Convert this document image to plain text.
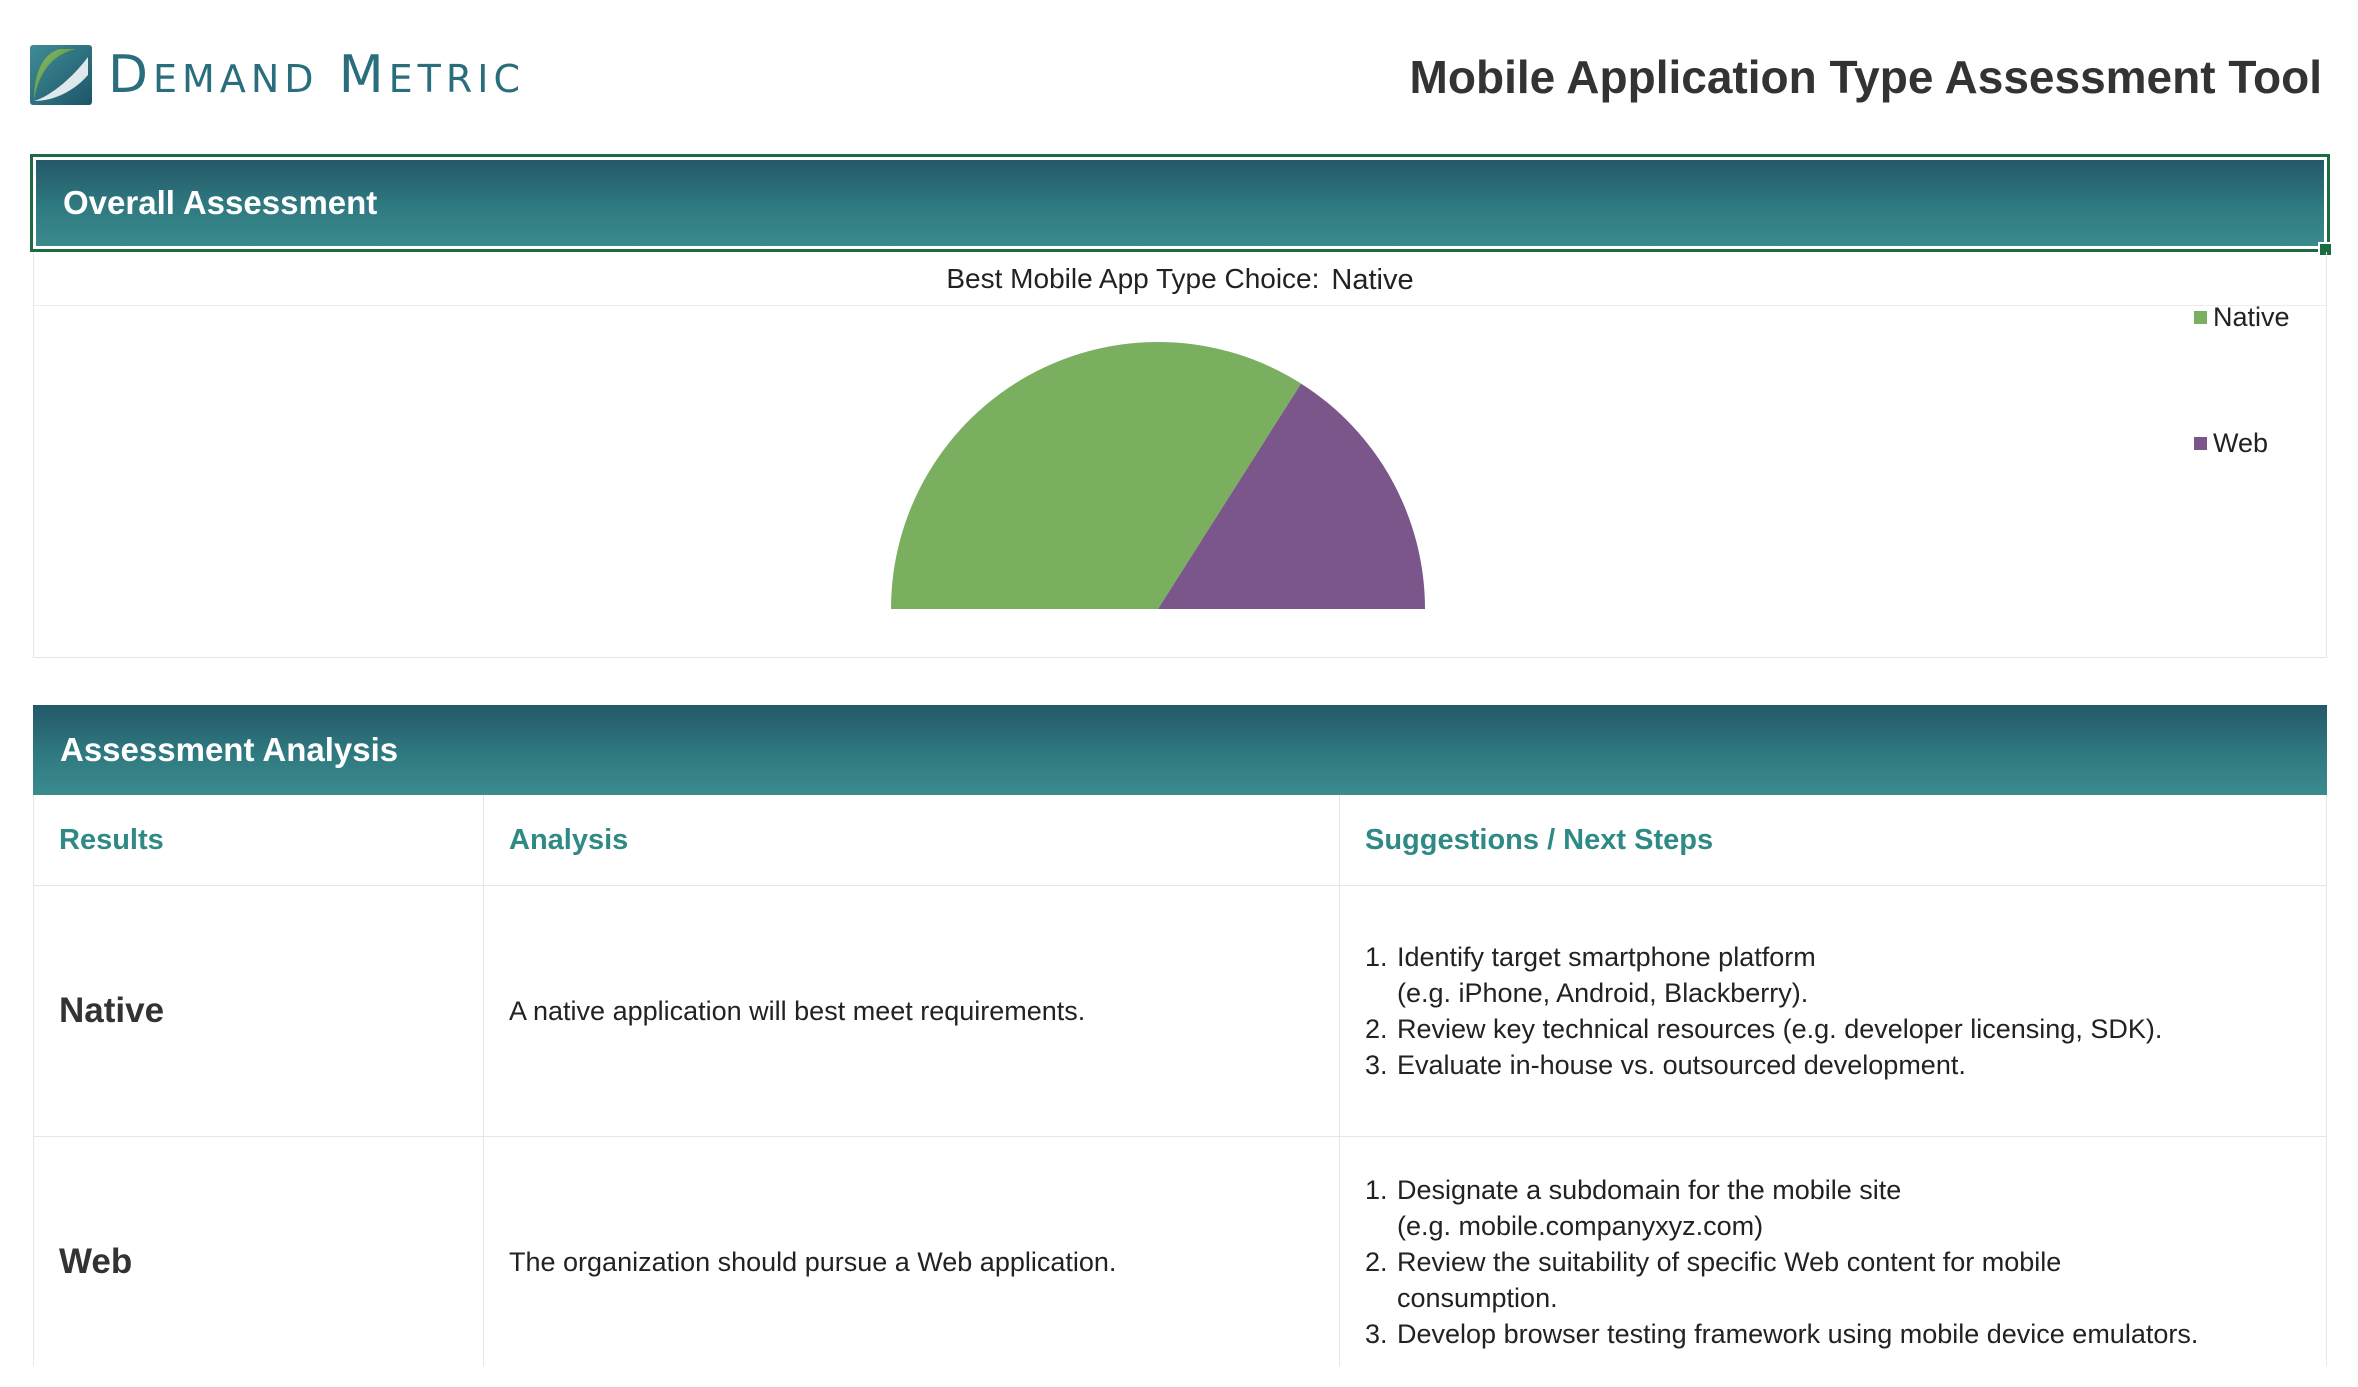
DEMAND METRIC	Mobile Application Type Assessment Tool
Overall Assessment
Best Mobile App Type Choice: Native
Native
Web
Assessment Analysis
Results	Analysis	Suggestions / Next Steps
Native	A native application will best meet requirements.
1. Identify target smartphone platform
(e.g. iPhone, Android, Blackberry).
2. Review key technical resources (e.g. developer licensing, SDK).
3. Evaluate in-house vs. outsourced development.
Web	The organization should pursue a Web application.
1. Designate a subdomain for the mobile site
(e.g. mobile.companyxyz.com)
2. Review the suitability of specific Web content for mobile
consumption.
3. Develop browser testing framework using mobile device emulators.
